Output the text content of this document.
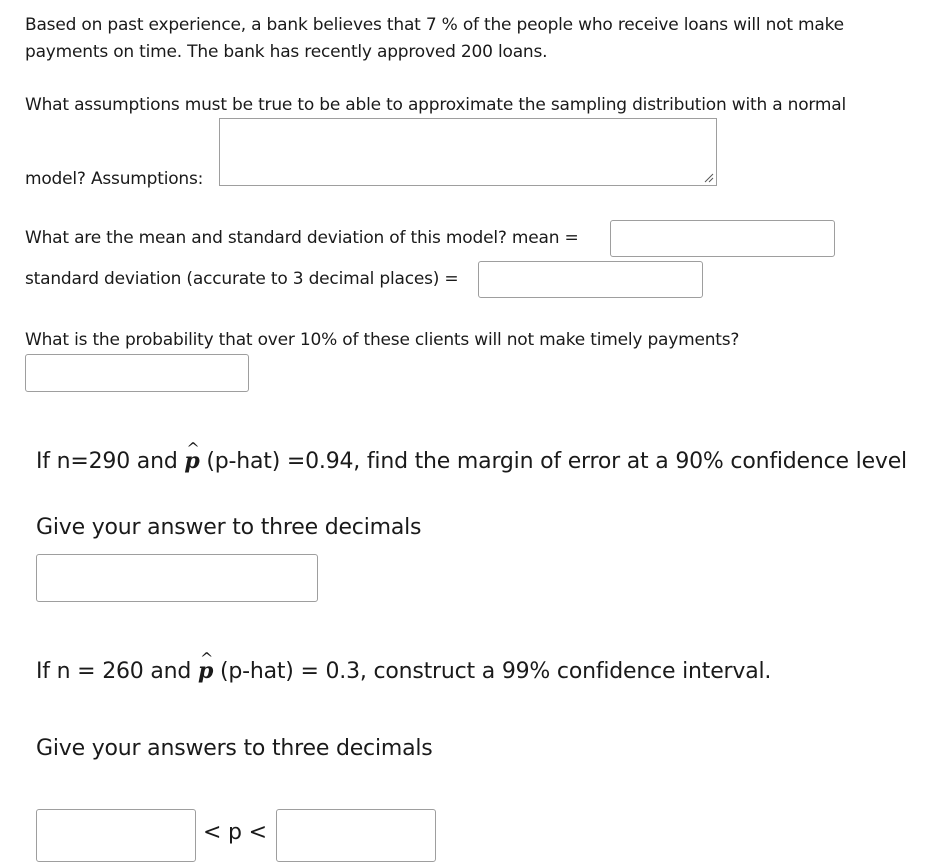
Based on past experience, a bank believes that 7 % of the people who receive loans will not make
payments on time. The bank has recently approved 200 loans.
What assumptions must be true to be able to approximate the sampling distribution with a normal
model? Assumptions:
What are the mean and standard deviation of this model? mean =
standard deviation (accurate to 3 decimal places) =
What is the probability that over 10% of these clients will not make timely payments?
If n=290 and ^ p (p-hat) =0.94, find the margin of error at a 90% confidence level
Give your answer to three decimals
If n = 260 and ^ p (p-hat) = 0.3, construct a 99% confidence interval.
Give your answers to three decimals
< p <
